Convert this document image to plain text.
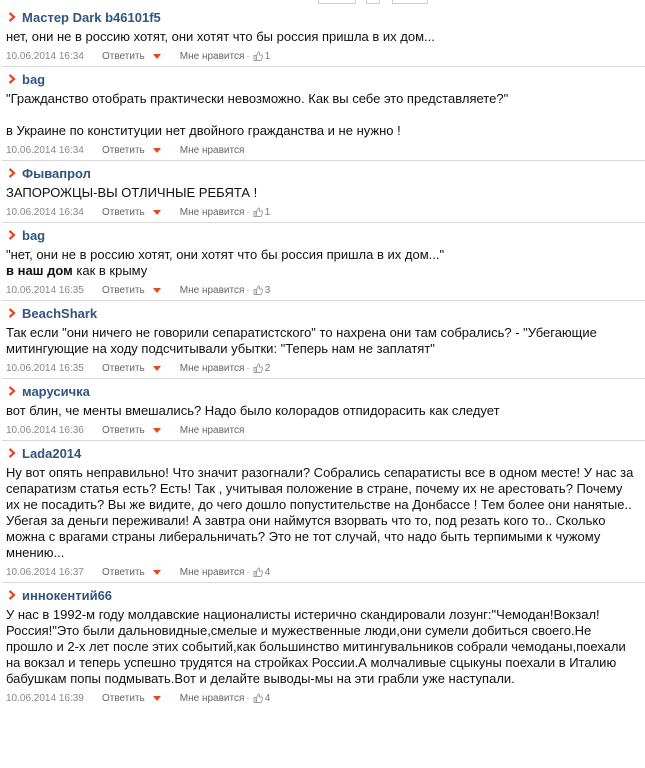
Мастер Dark b46101f5

нет, они не в россию хотят, они хотят что бы россия пришла в их дом...

10.06.2014 16:34	Ответить	Мне нравится · 1
bag

"Гражданство отобрать практически невозможно. Как вы себе это представляете?"

в Украине по конституции нет двойного гражданства и не нужно !

10.06.2014 16:34	Ответить	Мне нравится
Фывапрол

ЗАПОРОЖЦЫ-ВЫ ОТЛИЧНЫЕ РЕБЯТА !

10.06.2014 16:34	Ответить	Мне нравится · 1
bag

"нет, они не в россию хотят, они хотят что бы россия пришла в их дом..."

в наш дом как в крыму

10.06.2014 16:35	Ответить	Мне нравится · 3
BeachShark

Так если "они ничего не говорили сепаратистского" то нахрена они там собрались? - "Убегающие митингующие на ходу подсчитывали убытки: "Теперь нам не заплатят"

10.06.2014 16:35	Ответить	Мне нравится · 2
марусичка

вот блин, че менты вмешались? Надо было колорадов отпидорасить как следует

10.06.2014 16:36	Ответить	Мне нравится
Lada2014

Ну вот опять неправильно! Что значит разогнали? Собрались сепаратисты все в одном месте! У нас за сепаратизм статья есть? Есть! Так , учитывая положение в стране, почему их не арестовать? Почему их не посадить? Вы же видите, до чего дошло попустительстве на Донбассе ! Тем более они нанятые.. Убегая за деньги переживали! А завтра они наймутся взорвать что то, под резать кого то.. Сколько можна с врагами страны либеральничать? Это не тот случай, что надо быть терпимыми к чужому мнению...

10.06.2014 16:37	Ответить	Мне нравится · 4
иннокентий66

У нас в 1992-м году молдавские националисты истерично скандировали лозунг:"Чемодан!Вокзал!Россия!"Это были дальновидные,смелые и мужественные люди,они сумели добиться своего.Не прошло и 2-х лет после этих событий,как большинство митингувальников собрали чемоданы,поехали на вокзал и теперь успешно трудятся на стройках России.А молчаливые сцыкуны поехали в Италию бабушкам попы подмывать.Вот и делайте выводы-мы на эти грабли уже наступали.

10.06.2014 16:39	Ответить	Мне нравится · 4
